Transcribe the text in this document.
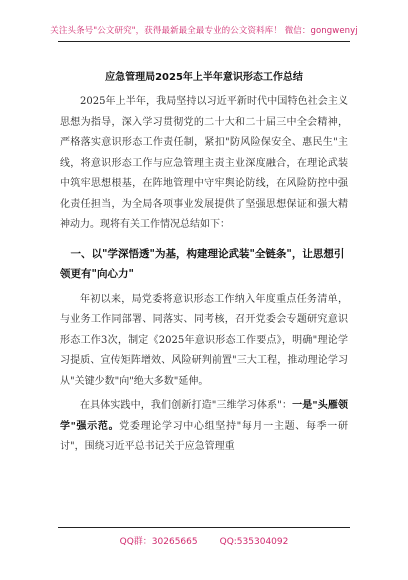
关注头条号"公文研究"，获得最新最全最专业的公文资料库！ 微信：gongwenyj
应急管理局2025年上半年意识形态工作总结

2025年上半年，我局坚持以习近平新时代中国特色社会主义思想为指导，深入学习贯彻党的二十大和二十届三中全会精神，严格落实意识形态工作责任制，紧扣"防风险保安全、惠民生"主线，将意识形态工作与应急管理主责主业深度融合，在理论武装中筑牢思想根基，在阵地管理中守牢舆论防线，在风险防控中强化责任担当，为全局各项事业发展提供了坚强思想保证和强大精神动力。现将有关工作情况总结如下：

一、以"学深悟透"为基，构建理论武装"全链条"，让思想引领更有"向心力"

年初以来，局党委将意识形态工作纳入年度重点任务清单，与业务工作同部署、同落实、同考核，召开党委会专题研究意识形态工作3次，制定《2025年意识形态工作要点》，明确"理论学习提质、宣传矩阵增效、风险研判前置"三大工程，推动理论学习从"关键少数"向"绝大多数"延伸。

在具体实践中，我们创新打造"三维学习体系"：一是"头雁领学"强示范。党委理论学习中心组坚持"每月一主题、每季一研讨"，围绕习近平总书记关于应急管理重

QQ群：30265665 QQ:535304092
